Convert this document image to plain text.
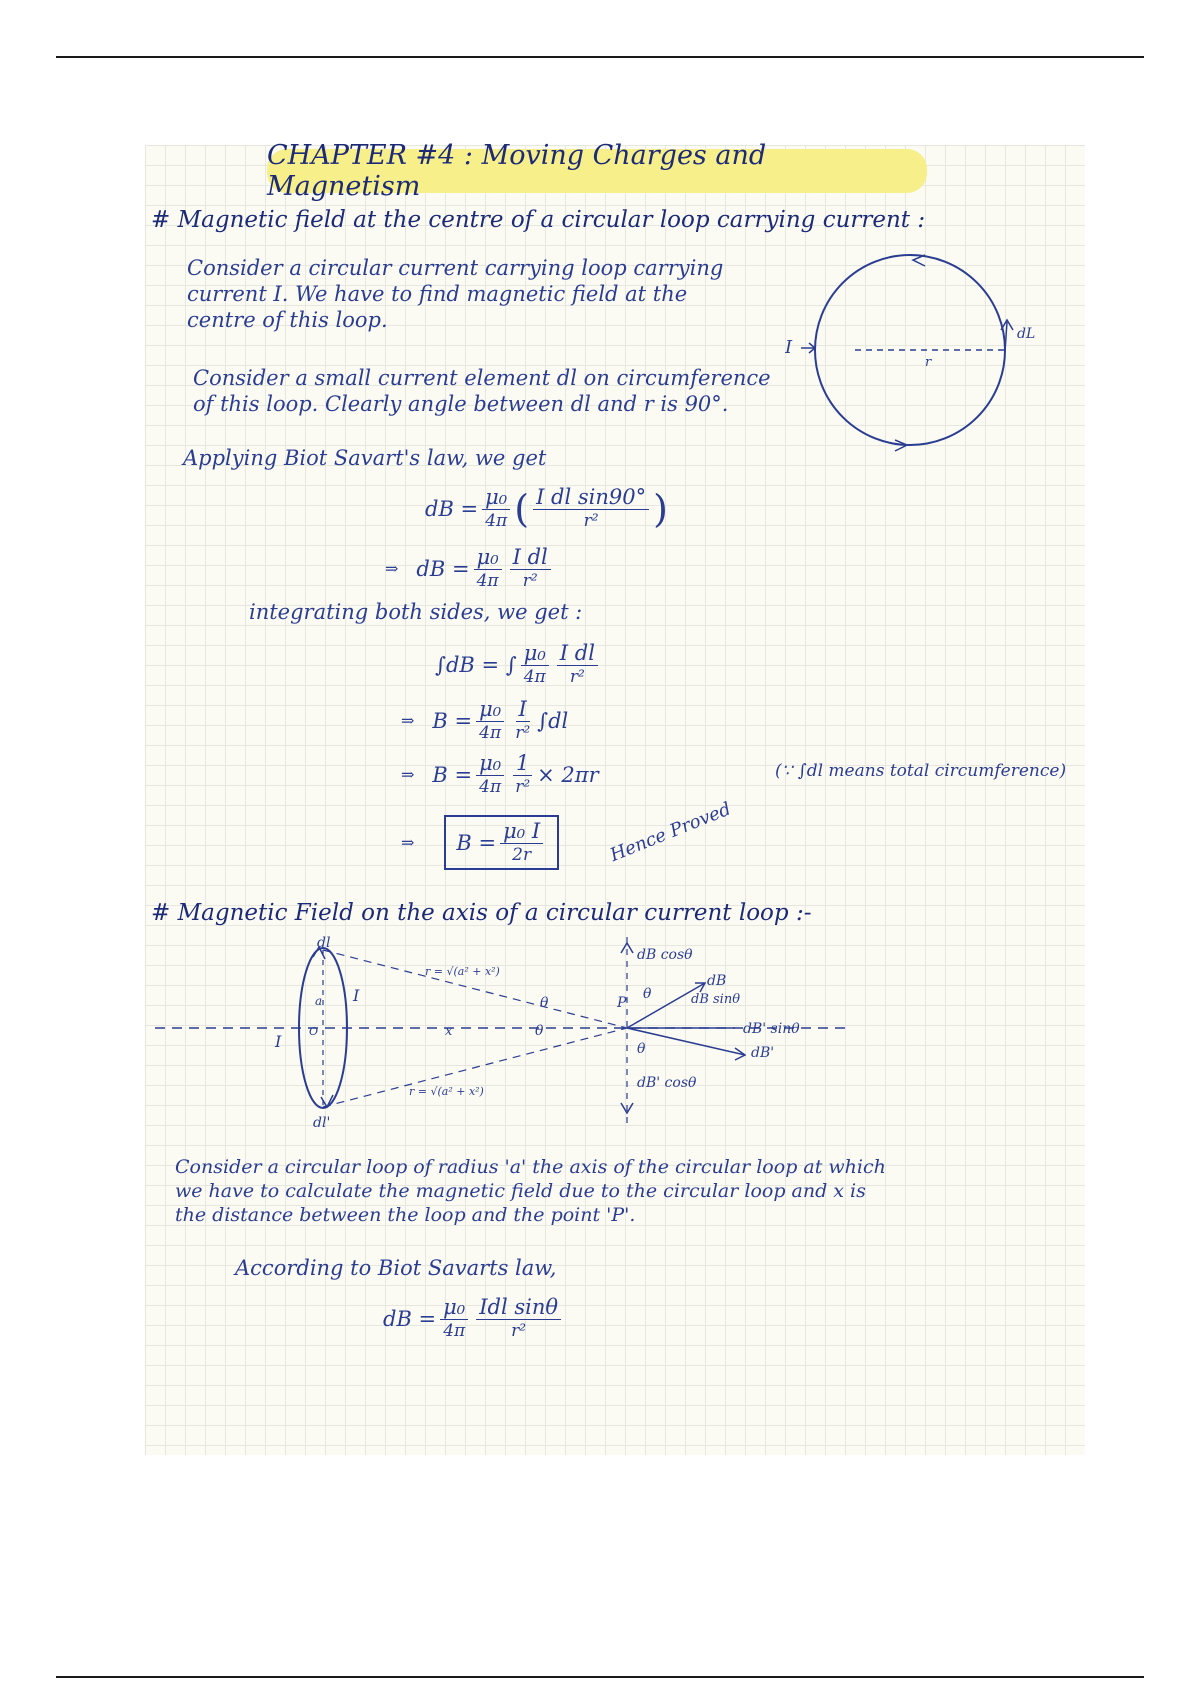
CHAPTER #4 : Moving Charges and Magnetism
# Magnetic field at the centre of a circular loop carrying current :
Consider a circular current carrying loop carrying
current I. We have to find magnetic field at the
centre of this loop.
Consider a small current element dl on circumference
of this loop. Clearly angle between dl and r is 90°.
I
dL
r
Applying Biot Savart's law, we get
dB = $\frac{\text{μ₀}}{4\pi}$ ( $\frac{\text{I dl sin90°}}{\text{r²}}$ )
⇒ dB = $\frac{\text{μ₀}}{4\pi} \frac{\text{I dl}}{\text{r²}}$
integrating both sides, we get :
∫dB = ∫ $\frac{\text{μ₀}}{4\pi} \frac{\text{I dl}}{\text{r²}}$
⇒ $B = \frac{\text{μ₀}}{4\pi} \frac{I}{\text{r²}} \int dl$
⇒ $B = \frac{\text{μ₀}}{4\pi} \frac{1}{\text{r²}} \times 2\pi r$	(∵ ∫dl means total circumference)
⇒ $B = \frac{\text{μ₀ I}}{2r}$	Hence Proved
# Magnetic Field on the axis of a circular current loop :-
dl
dl'
I
I
a
O	x
r = √(a² + x²)
r = √(a² + x²)
θ
θ
θ
θ
P
dB cosθ
dB
dB sinθ
dB' sinθ
dB'
dB' cosθ
Consider a circular loop of radius 'a' the axis of the circular loop at which
we have to calculate the magnetic field due to the circular loop and x is
the distance between the loop and the point 'P'.
According to Biot Savarts law,
dB = $\frac{\text{μ₀}}{4\pi} \frac{\text{Idl sinθ}}{\text{r²}}$
